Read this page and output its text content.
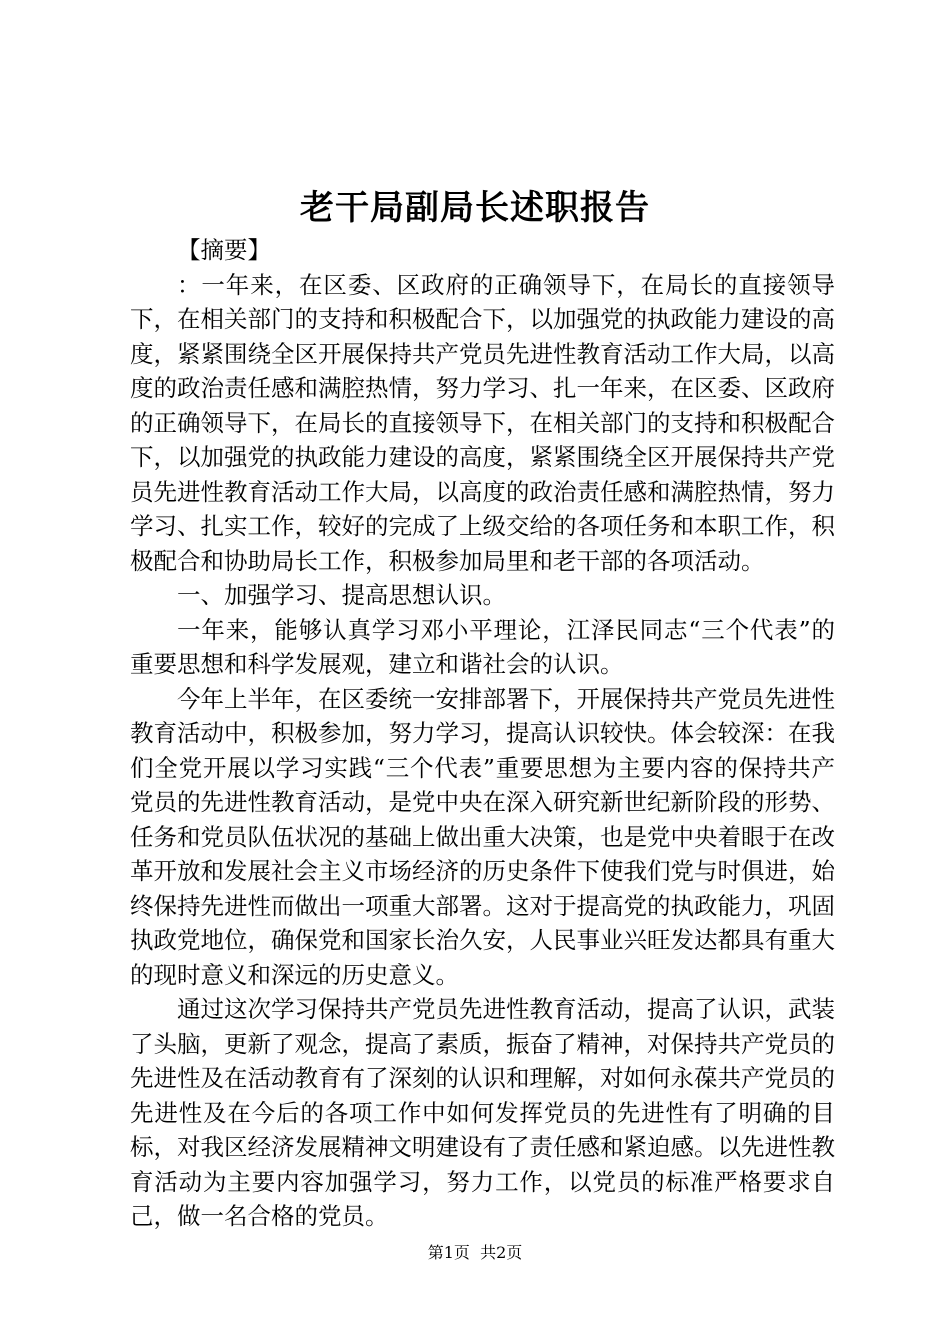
老干局副局长述职报告

【摘要】

：一年来，在区委、区政府的正确领导下，在局长的直接领导下，在相关部门的支持和积极配合下，以加强党的执政能力建设的高度，紧紧围绕全区开展保持共产党员先进性教育活动工作大局，以高度的政治责任感和满腔热情，努力学习、扎一年来，在区委、区政府的正确领导下，在局长的直接领导下，在相关部门的支持和积极配合下，以加强党的执政能力建设的高度，紧紧围绕全区开展保持共产党员先进性教育活动工作大局，以高度的政治责任感和满腔热情，努力学习、扎实工作，较好的完成了上级交给的各项任务和本职工作，积极配合和协助局长工作，积极参加局里和老干部的各项活动。

一、加强学习、提高思想认识。

一年来，能够认真学习邓小平理论，江泽民同志“三个代表”的重要思想和科学发展观，建立和谐社会的认识。

今年上半年，在区委统一安排部署下，开展保持共产党员先进性教育活动中，积极参加，努力学习，提高认识较快。体会较深：在我们全党开展以学习实践“三个代表”重要思想为主要内容的保持共产党员的先进性教育活动，是党中央在深入研究新世纪新阶段的形势、任务和党员队伍状况的基础上做出重大决策，也是党中央着眼于在改革开放和发展社会主义市场经济的历史条件下使我们党与时俱进，始终保持先进性而做出一项重大部署。这对于提高党的执政能力，巩固执政党地位，确保党和国家长治久安，人民事业兴旺发达都具有重大的现时意义和深远的历史意义。

通过这次学习保持共产党员先进性教育活动，提高了认识，武装了头脑，更新了观念，提高了素质，振奋了精神，对保持共产党员的先进性及在活动教育有了深刻的认识和理解，对如何永葆共产党员的先进性及在今后的各项工作中如何发挥党员的先进性有了明确的目标，对我区经济发展精神文明建设有了责任感和紧迫感。以先进性教育活动为主要内容加强学习，努力工作，以党员的标准严格要求自己，做一名合格的党员。

第1页  共2页
